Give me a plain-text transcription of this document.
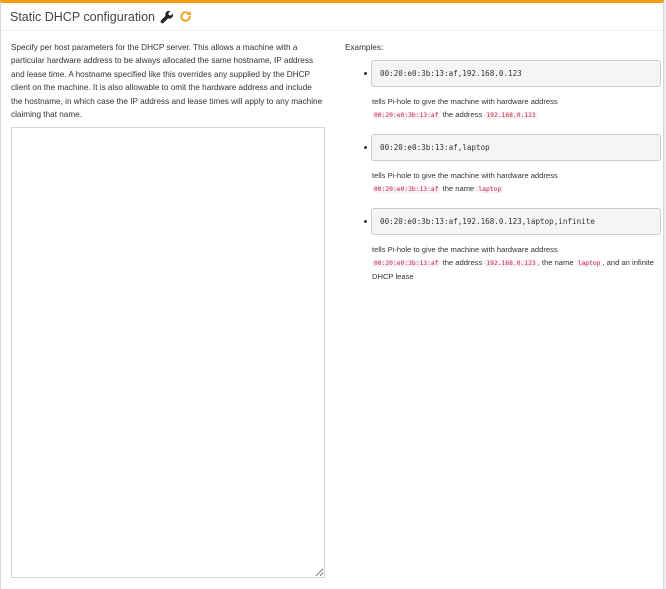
Static DHCP configuration

Specify per host parameters for the DHCP server. This allows a machine with a particular hardware address to be always allocated the same hostname, IP address and lease time. A hostname specified like this overrides any supplied by the DHCP client on the machine. It is also allowable to omit the hardware address and include the hostname, in which case the IP address and lease times will apply to any machine claiming that name.

Examples:
00:20:e0:3b:13:af,192.168.0.123
tells Pi-hole to give the machine with hardware address
00:20:e0:3b:13:af the address 192.168.0.123
00:20:e0:3b:13:af,laptop
tells Pi-hole to give the machine with hardware address
00:20:e0:3b:13:af the name laptop
00:20:e0:3b:13:af,192.168.0.123,laptop,infinite
tells Pi-hole to give the machine with hardware address
00:20:e0:3b:13:af the address 192.168.0.123 , the name laptop , and an infinite DHCP lease
